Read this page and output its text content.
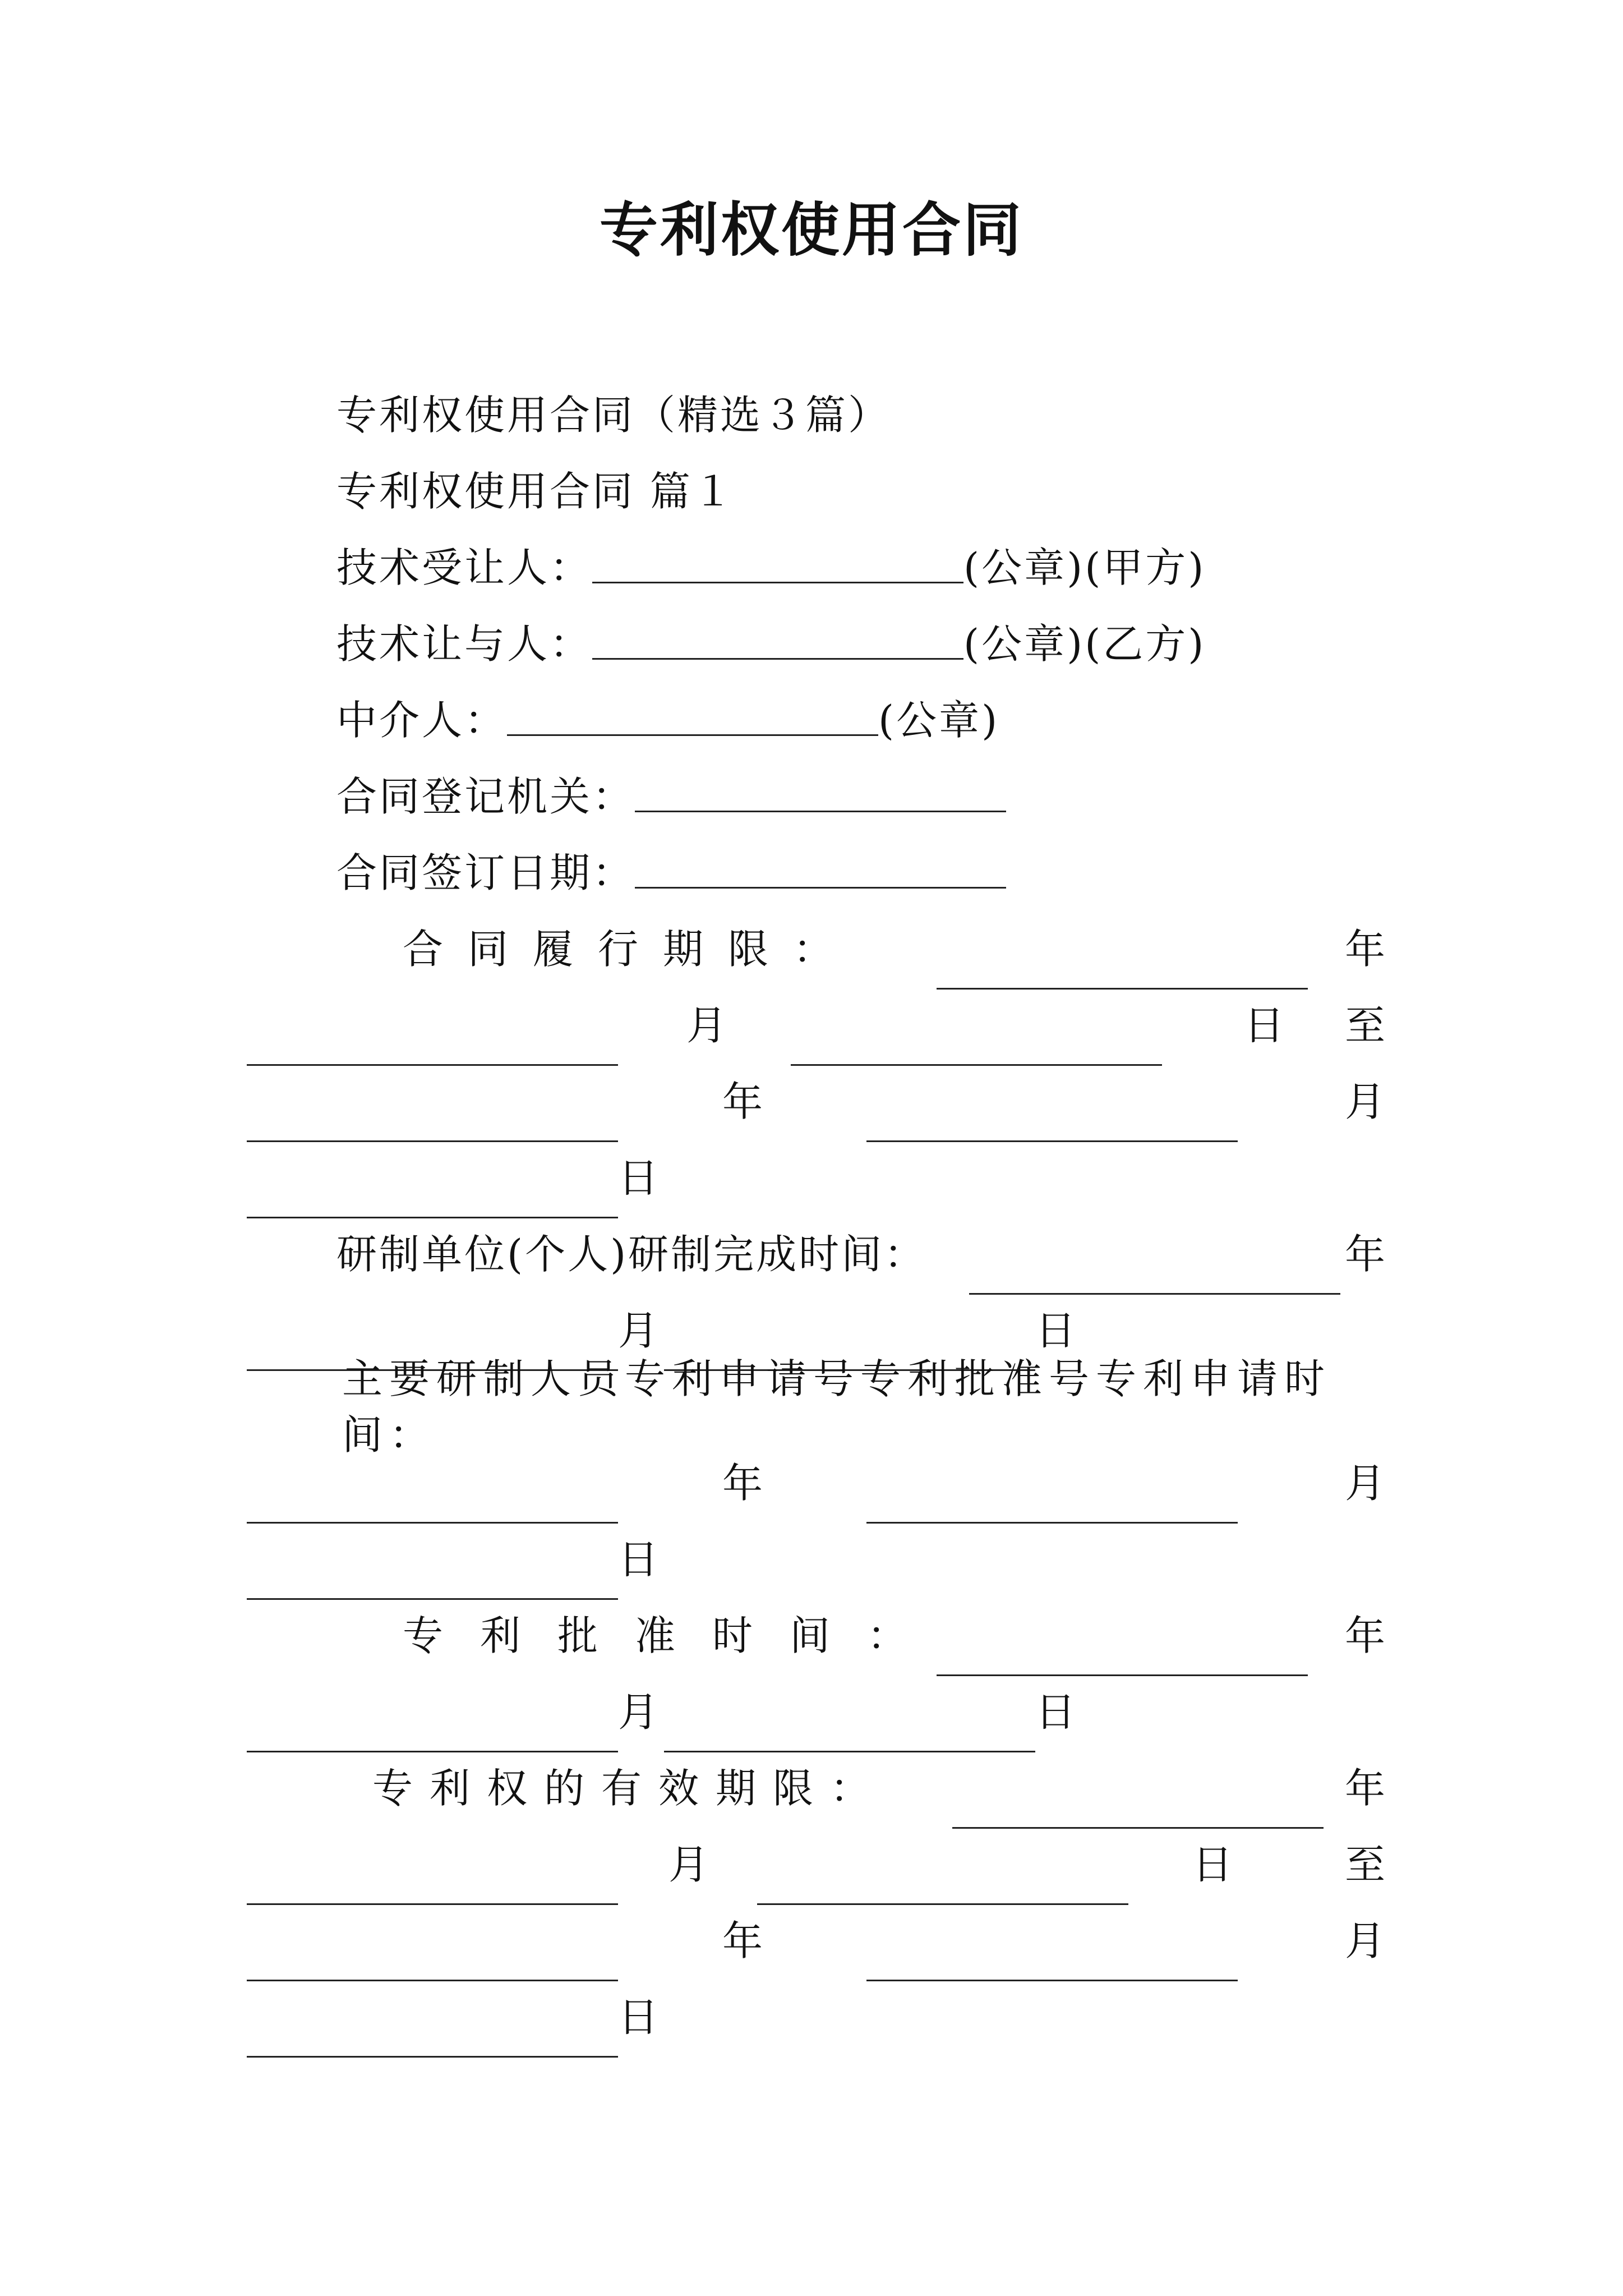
专利权使用合同
专利权使用合同（精选３篇）
专利权使用合同 篇１
技术受让人：	(公章)(甲方)
技术让与人：	(公章)(乙方)
中介人：	(公章)
合同登记机关：
合同签订日期：
合同履行期限：	年
月	日 至
年	月
日
研制单位(个人)研制完成时间：	年
月	日
主要研制人员专利申请号专利批准号专利申请时间：
年	月
日
专利批准时间：	年
月	日
专利权的有效期限：	年
月	日	至
年	月
日
